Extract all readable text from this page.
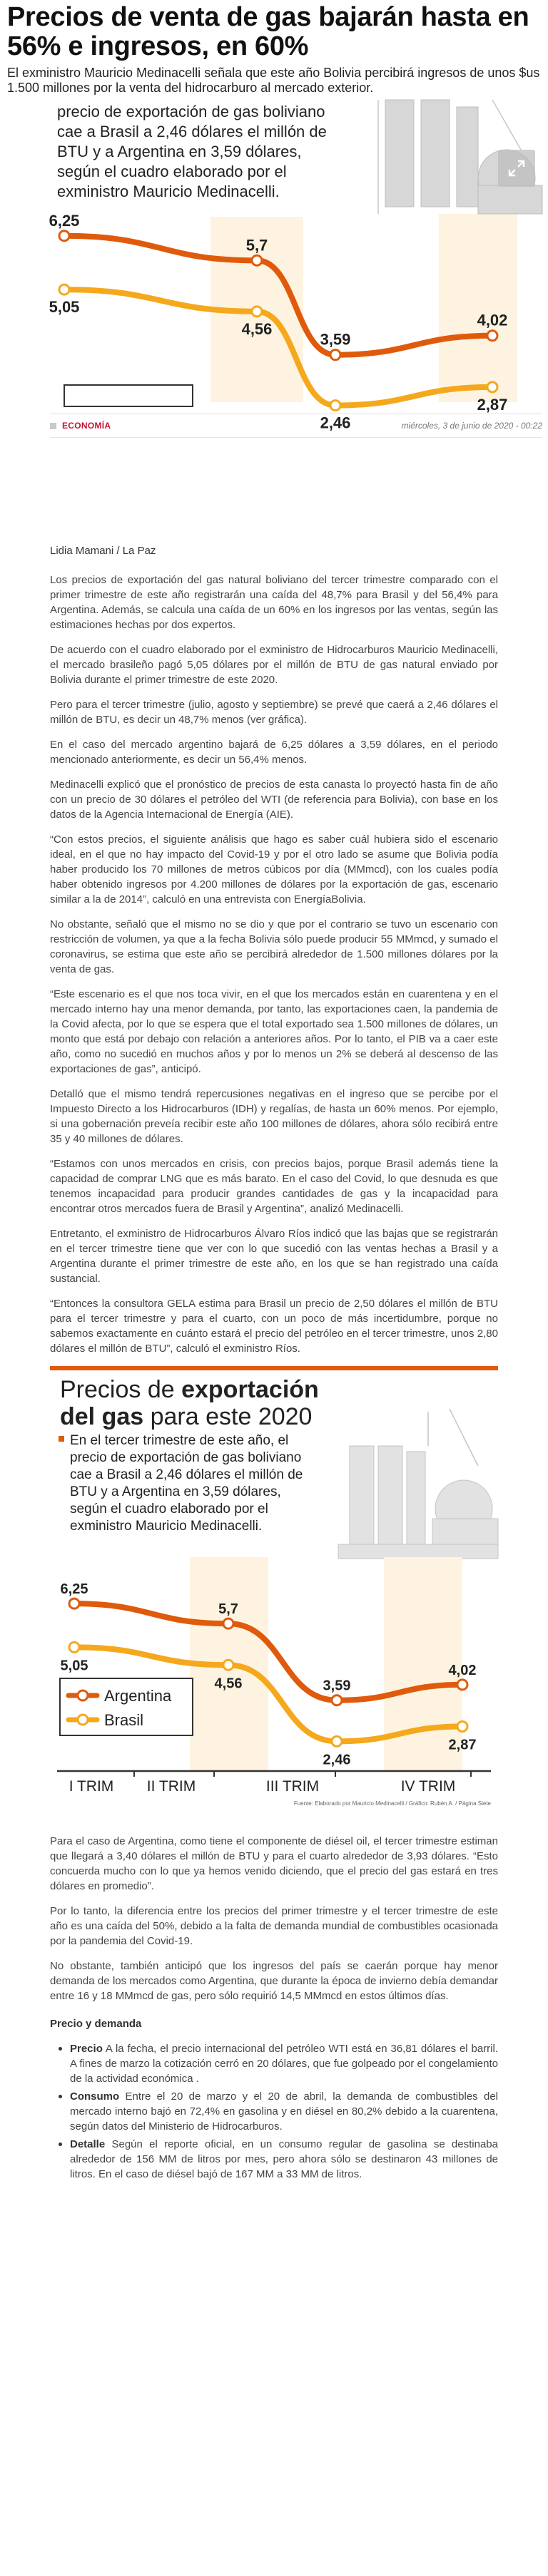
Precios de venta de gas bajarán hasta en 56% e ingresos, en 60%

El exministro Mauricio Medinacelli señala que este año Bolivia percibirá ingresos de unos $us 1.500 millones por la venta del hidrocarburo al mercado exterior.

precio de exportación de gas boliviano cae a Brasil a 2,46 dólares el millón de BTU y a Argentina en 3,59 dólares, según el cuadro elaborado por el exministro Mauricio Medinacelli.
6,25
5,7
3,59
4,02
5,05
4,56
2,46
2,87
ECONOMÍA	miércoles, 3 de junio de 2020 - 00:22
Lidia Mamani / La Paz

Los precios de exportación del gas natural boliviano del tercer trimestre comparado con el primer trimestre de este año registrarán una caída del 48,7% para Brasil y del 56,4% para Argentina. Además, se calcula una caída de un 60% en los ingresos por las ventas, según las estimaciones hechas por dos expertos.

De acuerdo con el cuadro elaborado por el exministro de Hidrocarburos Mauricio Medinacelli, el mercado brasileño pagó 5,05 dólares por el millón de BTU de gas natural enviado por Bolivia durante el primer trimestre de este 2020.

Pero para el tercer trimestre (julio, agosto y septiembre) se prevé que caerá a 2,46 dólares el millón de BTU, es decir un 48,7% menos (ver gráfica).

En el caso del mercado argentino bajará de 6,25 dólares a 3,59 dólares, en el periodo mencionado anteriormente, es decir un 56,4% menos.

Medinacelli explicó que el pronóstico de precios de esta canasta lo proyectó hasta fin de año con un precio de 30 dólares el petróleo del WTI (de referencia para Bolivia), con base en los datos de la Agencia Internacional de Energía (AIE).

“Con estos precios, el siguiente análisis que hago es saber cuál hubiera sido el escenario ideal, en el que no hay impacto del Covid-19 y por el otro lado se asume que Bolivia podía haber producido los 70 millones de metros cúbicos por día (MMmcd), con los cuales podía haber obtenido ingresos por 4.200 millones de dólares por la exportación de gas, escenario similar a la de 2014”, calculó en una entrevista con EnergíaBolivia.

No obstante, señaló que el mismo no se dio y que por el contrario se tuvo un escenario con restricción de volumen, ya que a la fecha Bolivia sólo puede producir 55 MMmcd, y sumado el coronavirus, se estima que este año se percibirá alrededor de 1.500 millones dólares por la venta de gas.

“Este escenario es el que nos toca vivir, en el que los mercados están en cuarentena y en el mercado interno hay una menor demanda, por tanto, las exportaciones caen, la pandemia de la Covid afecta, por lo que se espera que el total exportado sea 1.500 millones de dólares, un monto que está por debajo con relación a anteriores años. Por lo tanto, el PIB va a caer este año, como no sucedió en muchos años y por lo menos un 2% se deberá al descenso de las exportaciones de gas”, anticipó.

Detalló que el mismo tendrá repercusiones negativas en el ingreso que se percibe por el Impuesto Directo a los Hidrocarburos (IDH) y regalías, de hasta un 60% menos. Por ejemplo, si una gobernación preveía recibir este año 100 millones de dólares, ahora sólo recibirá entre 35 y 40 millones de dólares.

“Estamos con unos mercados en crisis, con precios bajos, porque Brasil además tiene la capacidad de comprar LNG que es más barato. En el caso del Covid, lo que desnuda es que tenemos incapacidad para producir grandes cantidades de gas y la incapacidad para encontrar otros mercados fuera de Brasil y Argentina”, analizó Medinacelli.

Entretanto, el exministro de Hidrocarburos Álvaro Ríos indicó que las bajas que se registrarán en el tercer trimestre tiene que ver con lo que sucedió con las ventas hechas a Brasil y a Argentina durante el primer trimestre de este año, en los que se han registrado una caída sustancial.

“Entonces la consultora GELA estima para Brasil un precio de 2,50 dólares el millón de BTU para el tercer trimestre y para el cuarto, con un poco de más incertidumbre, porque no sabemos exactamente en cuánto estará el precio del petróleo en el tercer trimestre, unos 2,80 dólares el millón de BTU”, calculó el exministro Ríos.

Precios de exportación
del gas para este 2020
En el tercer trimestre de este año, el precio de exportación de gas boliviano cae a Brasil a 2,46 dólares el millón de BTU y a Argentina en 3,59 dólares, según el cuadro elaborado por el exministro Mauricio Medinacelli.
6,25
5,7
3,59
4,02
5,05
4,56
2,46
2,87
Argentina
Brasil
I TRIM II TRIM	III TRIM	IV TRIM
Fuente: Elaborado por Mauricio Medinacelli / Gráfico: Rubén A. / Página Siete

Para el caso de Argentina, como tiene el componente de diésel oil, el tercer trimestre estiman que llegará a 3,40 dólares el millón de BTU y para el cuarto alrededor de 3,93 dólares. “Esto concuerda mucho con lo que ya hemos venido diciendo, que el precio del gas estará en tres dólares en promedio”.

Por lo tanto, la diferencia entre los precios del primer trimestre y el tercer trimestre de este año es una caída del 50%, debido a la falta de demanda mundial de combustibles ocasionada por la pandemia del Covid-19.

No obstante, también anticipó que los ingresos del país se caerán porque hay menor demanda de los mercados como Argentina, que durante la época de invierno debía demandar entre 16 y 18 MMmcd de gas, pero sólo requirió 14,5 MMmcd en estos últimos días.

Precio y demanda
Precio A la fecha, el precio internacional del petróleo WTI está en 36,81 dólares el barril. A fines de marzo la cotización cerró en 20 dólares, que fue golpeado por el congelamiento de la actividad económica .
Consumo Entre el 20 de marzo y el 20 de abril, la demanda de combustibles del mercado interno bajó en 72,4% en gasolina y en diésel en 80,2% debido a la cuarentena, según datos del Ministerio de Hidrocarburos.
Detalle Según el reporte oficial, en un consumo regular de gasolina se destinaba alrededor de 156 MM de litros por mes, pero ahora sólo se destinaron 43 millones de litros. En el caso de diésel bajó de 167 MM a 33 MM de litros.
